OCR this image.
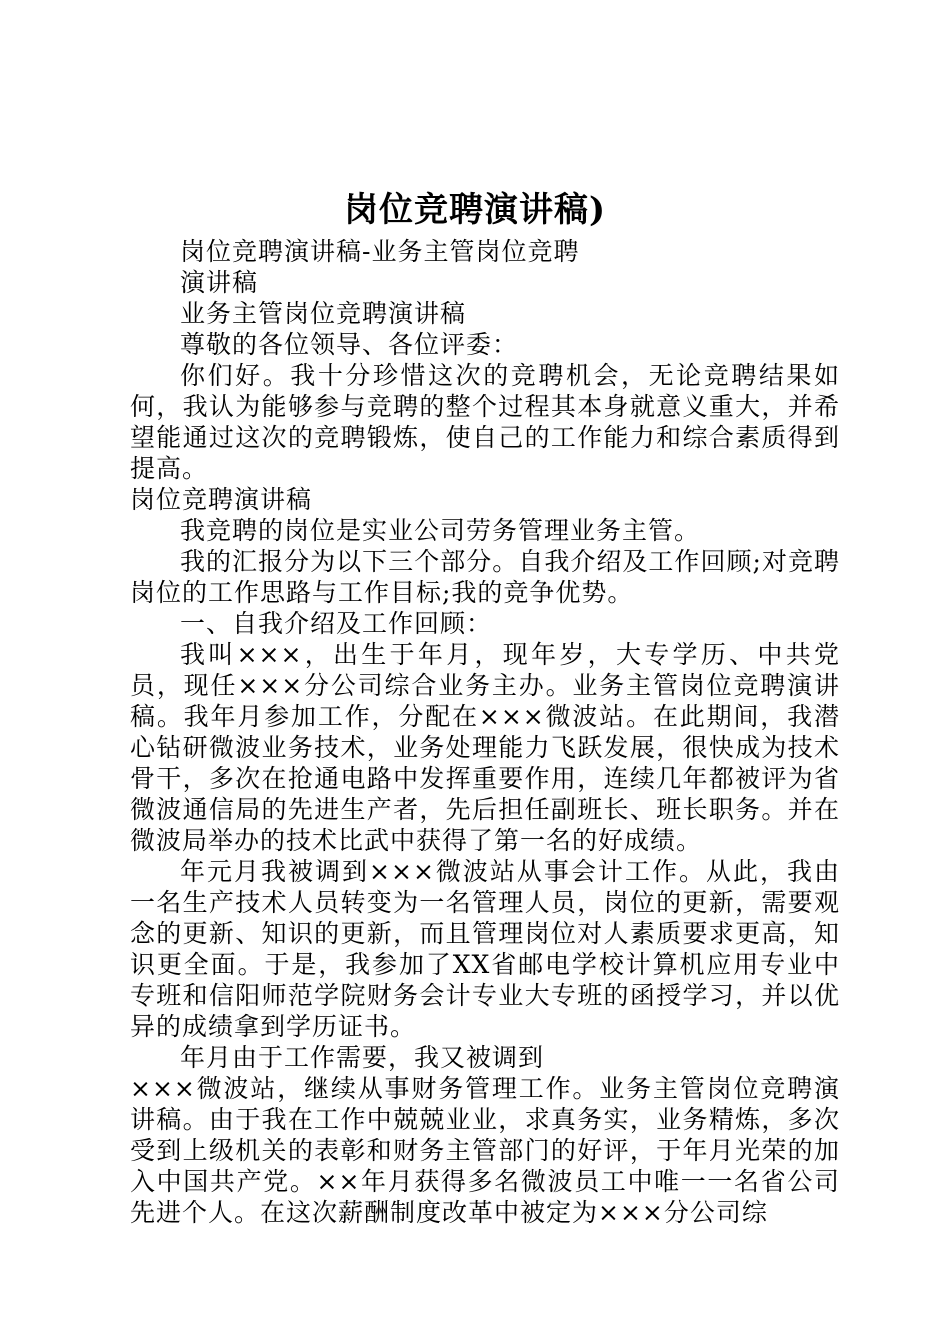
岗位竞聘演讲稿)

岗位竞聘演讲稿-业务主管岗位竞聘

演讲稿

业务主管岗位竞聘演讲稿

尊敬的各位领导、各位评委：

你们好。我十分珍惜这次的竞聘机会，无论竞聘结果如何，我认为能够参与竞聘的整个过程其本身就意义重大，并希望能通过这次的竞聘锻炼，使自己的工作能力和综合素质得到提高。

岗位竞聘演讲稿

我竞聘的岗位是实业公司劳务管理业务主管。

我的汇报分为以下三个部分。自我介绍及工作回顾;对竞聘岗位的工作思路与工作目标;我的竞争优势。

一、自我介绍及工作回顾：

我叫×××，出生于年月，现年岁，大专学历、中共党员，现任×××分公司综合业务主办。业务主管岗位竞聘演讲稿。我年月参加工作，分配在×××微波站。在此期间，我潜心钻研微波业务技术，业务处理能力飞跃发展，很快成为技术骨干，多次在抢通电路中发挥重要作用，连续几年都被评为省微波通信局的先进生产者，先后担任副班长、班长职务。并在微波局举办的技术比武中获得了第一名的好成绩。

年元月我被调到×××微波站从事会计工作。从此，我由一名生产技术人员转变为一名管理人员，岗位的更新，需要观念的更新、知识的更新，而且管理岗位对人素质要求更高，知识更全面。于是，我参加了XX省邮电学校计算机应用专业中专班和信阳师范学院财务会计专业大专班的函授学习，并以优异的成绩拿到学历证书。

年月由于工作需要，我又被调到

×××微波站，继续从事财务管理工作。业务主管岗位竞聘演讲稿。由于我在工作中兢兢业业，求真务实，业务精炼，多次受到上级机关的表彰和财务主管部门的好评，于年月光荣的加入中国共产党。××年月获得多名微波员工中唯一一名省公司先进个人。在这次薪酬制度改革中被定为×××分公司综
